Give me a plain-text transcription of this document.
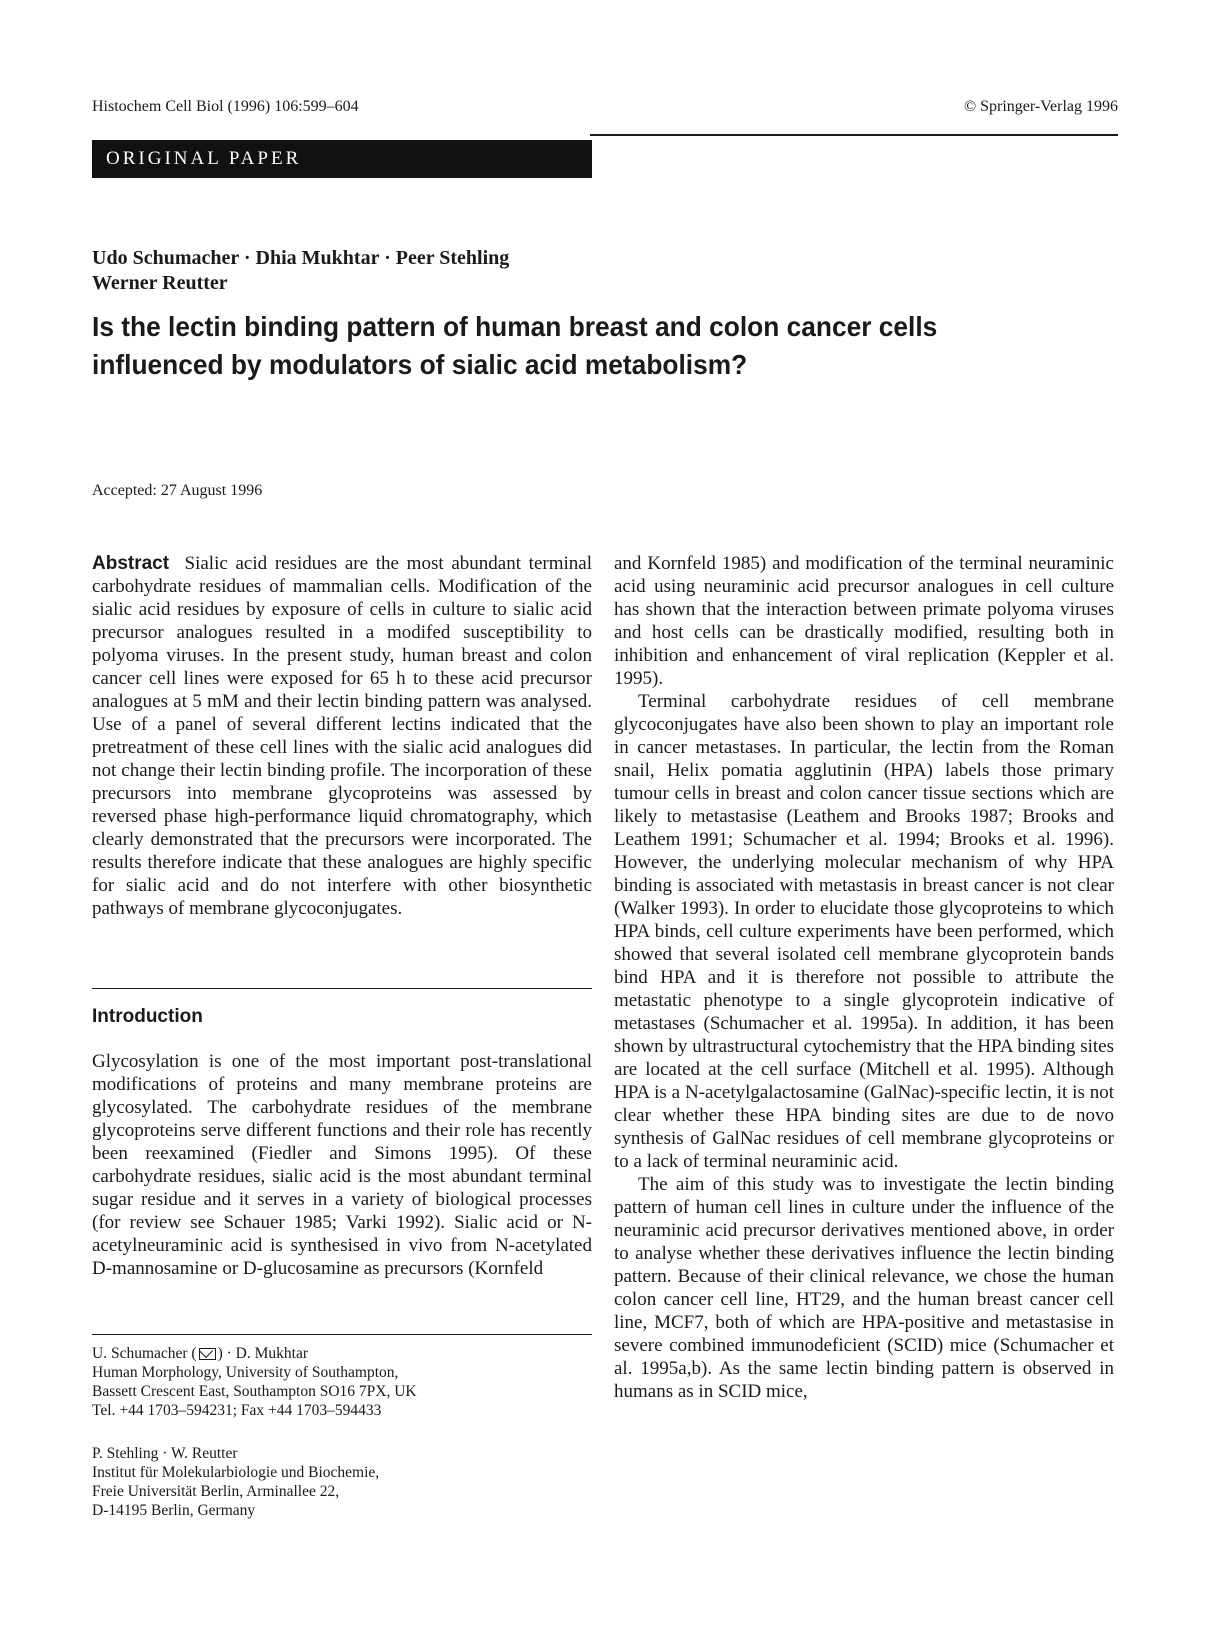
Histochem Cell Biol (1996) 106:599–604	© Springer-Verlag 1996
ORIGINAL PAPER
Udo Schumacher · Dhia Mukhtar · Peer Stehling
Werner Reutter
Is the lectin binding pattern of human breast and colon cancer cells
influenced by modulators of sialic acid metabolism?
Accepted: 27 August 1996

Abstract Sialic acid residues are the most abundant terminal carbohydrate residues of mammalian cells. Modification of the sialic acid residues by exposure of cells in culture to sialic acid precursor analogues resulted in a modifed susceptibility to polyoma viruses. In the present study, human breast and colon cancer cell lines were exposed for 65 h to these acid precursor analogues at 5 mM and their lectin binding pattern was analysed. Use of a panel of several different lectins indicated that the pretreatment of these cell lines with the sialic acid analogues did not change their lectin binding profile. The incorporation of these precursors into membrane glycoproteins was assessed by reversed phase high-performance liquid chromatography, which clearly demonstrated that the precursors were incorporated. The results therefore indicate that these analogues are highly specific for sialic acid and do not interfere with other biosynthetic pathways of membrane glycoconjugates.

Introduction

Glycosylation is one of the most important post-translational modifications of proteins and many membrane proteins are glycosylated. The carbohydrate residues of the membrane glycoproteins serve different functions and their role has recently been reexamined (Fiedler and Simons 1995). Of these carbohydrate residues, sialic acid is the most abundant terminal sugar residue and it serves in a variety of biological processes (for review see Schauer 1985; Varki 1992). Sialic acid or N-acetylneuraminic acid is synthesised in vivo from N-acetylated D-mannosamine or D-glucosamine as precursors (Kornfeld

U. Schumacher ( ) · D. Mukhtar
Human Morphology, University of Southampton,
Bassett Crescent East, Southampton SO16 7PX, UK
Tel. +44 1703–594231; Fax +44 1703–594433
P. Stehling · W. Reutter
Institut für Molekularbiologie und Biochemie,
Freie Universität Berlin, Arminallee 22,
D-14195 Berlin, Germany

and Kornfeld 1985) and modification of the terminal neuraminic acid using neuraminic acid precursor analogues in cell culture has shown that the interaction between primate polyoma viruses and host cells can be drastically modified, resulting both in inhibition and enhancement of viral replication (Keppler et al. 1995).

Terminal carbohydrate residues of cell membrane glycoconjugates have also been shown to play an important role in cancer metastases. In particular, the lectin from the Roman snail, Helix pomatia agglutinin (HPA) labels those primary tumour cells in breast and colon cancer tissue sections which are likely to metastasise (Leathem and Brooks 1987; Brooks and Leathem 1991; Schumacher et al. 1994; Brooks et al. 1996). However, the underlying molecular mechanism of why HPA binding is associated with metastasis in breast cancer is not clear (Walker 1993). In order to elucidate those glycoproteins to which HPA binds, cell culture experiments have been performed, which showed that several isolated cell membrane glycoprotein bands bind HPA and it is therefore not possible to attribute the metastatic phenotype to a single glycoprotein indicative of metastases (Schumacher et al. 1995a). In addition, it has been shown by ultrastructural cytochemistry that the HPA binding sites are located at the cell surface (Mitchell et al. 1995). Although HPA is a N-acetylgalactosamine (GalNac)-specific lectin, it is not clear whether these HPA binding sites are due to de novo synthesis of GalNac residues of cell membrane glycoproteins or to a lack of terminal neuraminic acid.

The aim of this study was to investigate the lectin binding pattern of human cell lines in culture under the influence of the neuraminic acid precursor derivatives mentioned above, in order to analyse whether these derivatives influence the lectin binding pattern. Because of their clinical relevance, we chose the human colon cancer cell line, HT29, and the human breast cancer cell line, MCF7, both of which are HPA-positive and metastasise in severe combined immunodeficient (SCID) mice (Schumacher et al. 1995a,b). As the same lectin binding pattern is observed in humans as in SCID mice,
